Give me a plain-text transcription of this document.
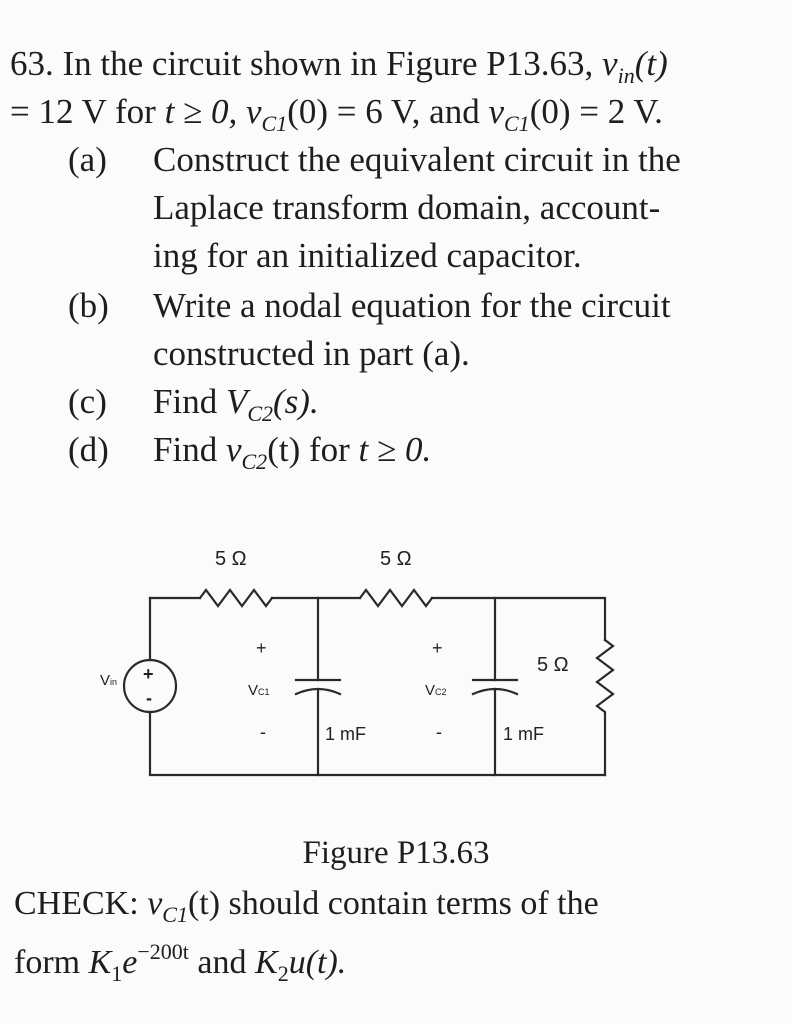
63. In the circuit shown in Figure P13.63, $v_{in}(t)$
= 12 V for t ≥ 0, $v_{C1}(0) = 6$ V, and $v_{C1}(0) = 2$ V.
(a) Construct the equivalent circuit in the
Laplace transform domain, account-
ing for an initialized capacitor.
(b) Write a nodal equation for the circuit
constructed in part (a).
(c) Find $V_{C2}(s)$.
(d) Find $v_{C2}(t)$ for t ≥ 0.
5 Ω	5 Ω
5 Ω
1 mF	1 mF
+
-
Vin
+
VC1
-
+
VC2
-
Figure P13.63
CHECK: $v_{C1}(t)$ should contain terms of the
form $K_1e^{-200t}$ and $K_2u(t)$.
